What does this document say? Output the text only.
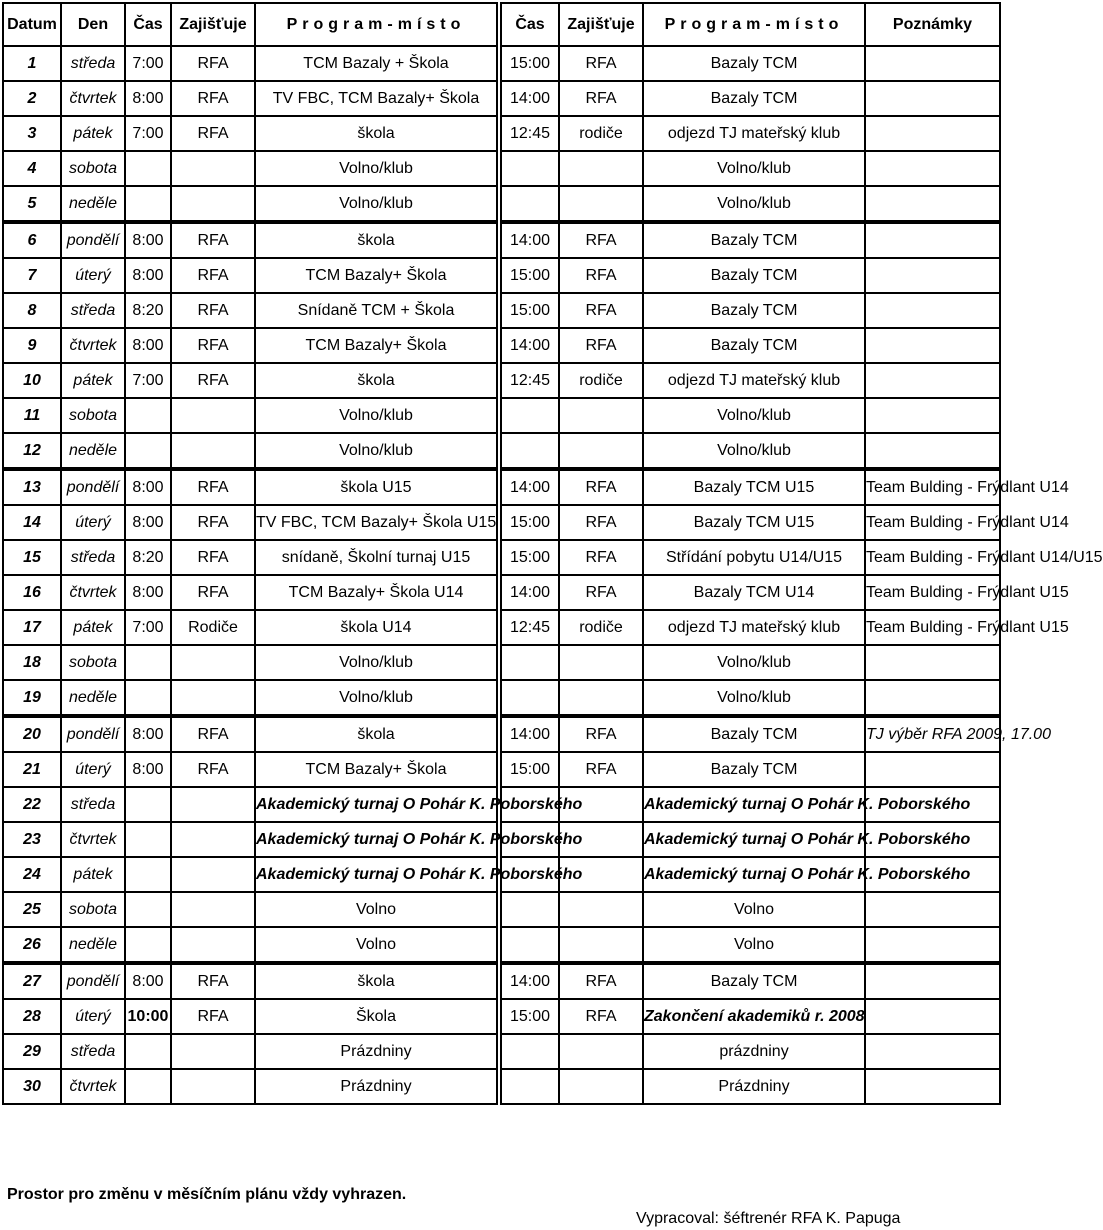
Datum	Den	Čas	Zajišťuje	Program-místo	Čas	Zajišťuje	Program-místo	Poznámky
1	středa	7:00	RFA	TCM Bazaly + Škola	15:00	RFA	Bazaly TCM	
2	čtvrtek	8:00	RFA	TV FBC, TCM Bazaly+ Škola	14:00	RFA	Bazaly TCM	
3	pátek	7:00	RFA	škola	12:45	rodiče	odjezd TJ mateřský klub	
4	sobota			Volno/klub			Volno/klub	
5	neděle			Volno/klub			Volno/klub	
6	pondělí	8:00	RFA	škola	14:00	RFA	Bazaly TCM	
7	úterý	8:00	RFA	TCM Bazaly+ Škola	15:00	RFA	Bazaly TCM	
8	středa	8:20	RFA	Snídaně TCM + Škola	15:00	RFA	Bazaly TCM	
9	čtvrtek	8:00	RFA	TCM Bazaly+ Škola	14:00	RFA	Bazaly TCM	
10	pátek	7:00	RFA	škola	12:45	rodiče	odjezd TJ mateřský klub	
11	sobota			Volno/klub			Volno/klub	
12	neděle			Volno/klub			Volno/klub	
13	pondělí	8:00	RFA	škola U15	14:00	RFA	Bazaly TCM U15	Team Bulding - Frýdlant U14
14	úterý	8:00	RFA	TV FBC, TCM Bazaly+ Škola U15	15:00	RFA	Bazaly TCM U15	Team Bulding - Frýdlant U14
15	středa	8:20	RFA	snídaně, Školní turnaj U15	15:00	RFA	Střídání pobytu U14/U15	Team Bulding - Frýdlant U14/U15
16	čtvrtek	8:00	RFA	TCM Bazaly+ Škola U14	14:00	RFA	Bazaly TCM U14	Team Bulding - Frýdlant U15
17	pátek	7:00	Rodiče	škola U14	12:45	rodiče	odjezd TJ mateřský klub	Team Bulding - Frýdlant U15
18	sobota			Volno/klub			Volno/klub	
19	neděle			Volno/klub			Volno/klub	
20	pondělí	8:00	RFA	škola	14:00	RFA	Bazaly TCM	TJ výběr RFA 2009, 17.00
21	úterý	8:00	RFA	TCM Bazaly+ Škola	15:00	RFA	Bazaly TCM	
22	středa			Akademický turnaj O Pohár K. Poborského			Akademický turnaj O Pohár K. Poborského	
23	čtvrtek			Akademický turnaj O Pohár K. Poborského			Akademický turnaj O Pohár K. Poborského	
24	pátek			Akademický turnaj O Pohár K. Poborského			Akademický turnaj O Pohár K. Poborského	
25	sobota			Volno			Volno	
26	neděle			Volno			Volno	
27	pondělí	8:00	RFA	škola	14:00	RFA	Bazaly TCM	
28	úterý	10:00	RFA	Škola	15:00	RFA	Zakončení akademiků r. 2008	
29	středa			Prázdniny			prázdniny	
30	čtvrtek			Prázdniny			Prázdniny	
Prostor pro změnu v měsíčním plánu vždy vyhrazen.
Vypracoval: šéftrenér RFA K. Papuga
